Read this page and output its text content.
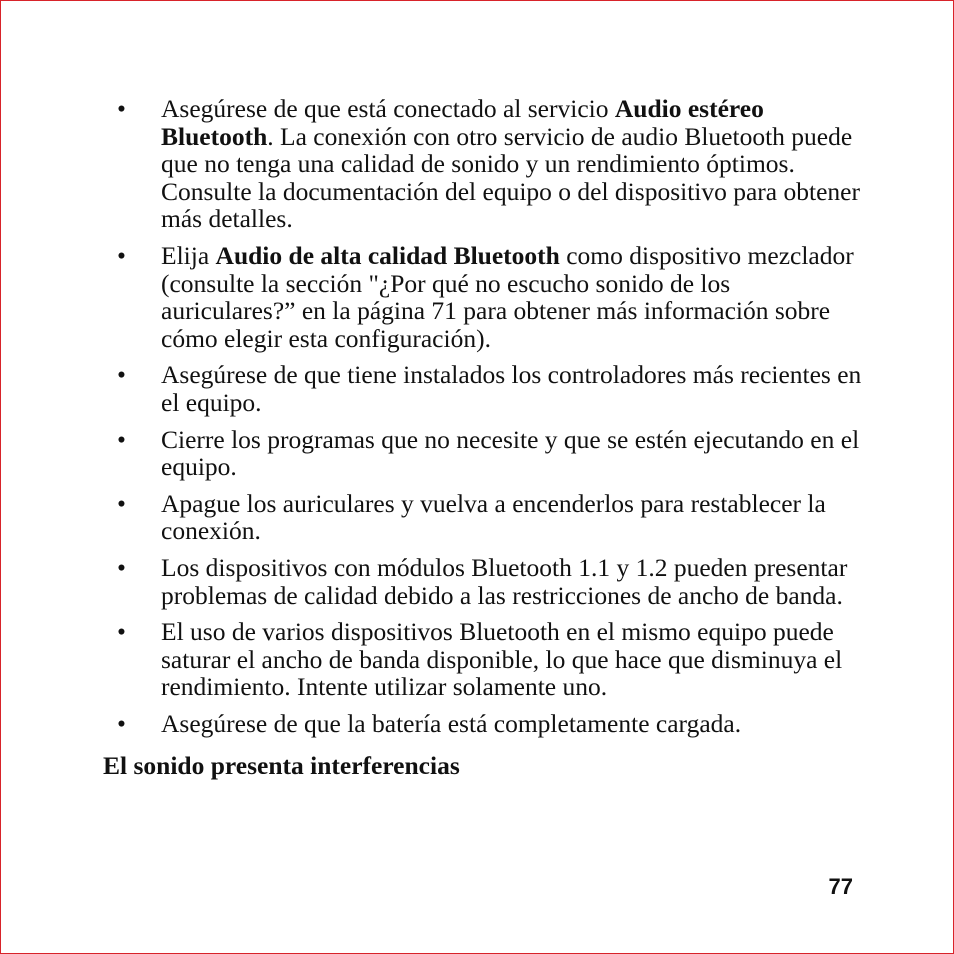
• Asegúrese de que está conectado al servicio Audio estéreo Bluetooth. La conexión con otro servicio de audio Bluetooth puede que no tenga una calidad de sonido y un rendimiento óptimos. Consulte la documentación del equipo o del dispositivo para obtener más detalles.
• Elija Audio de alta calidad Bluetooth como dispositivo mezclador (consulte la sección "¿Por qué no escucho sonido de los auriculares?” en la página 71 para obtener más información sobre cómo elegir esta configuración).
• Asegúrese de que tiene instalados los controladores más recientes en el equipo.
• Cierre los programas que no necesite y que se estén ejecutando en el equipo.
• Apague los auriculares y vuelva a encenderlos para restablecer la conexión.
• Los dispositivos con módulos Bluetooth 1.1 y 1.2 pueden presentar problemas de calidad debido a las restricciones de ancho de banda.
• El uso de varios dispositivos Bluetooth en el mismo equipo puede saturar el ancho de banda disponible, lo que hace que disminuya el rendimiento. Intente utilizar solamente uno.
• Asegúrese de que la batería está completamente cargada.
El sonido presenta interferencias
77
